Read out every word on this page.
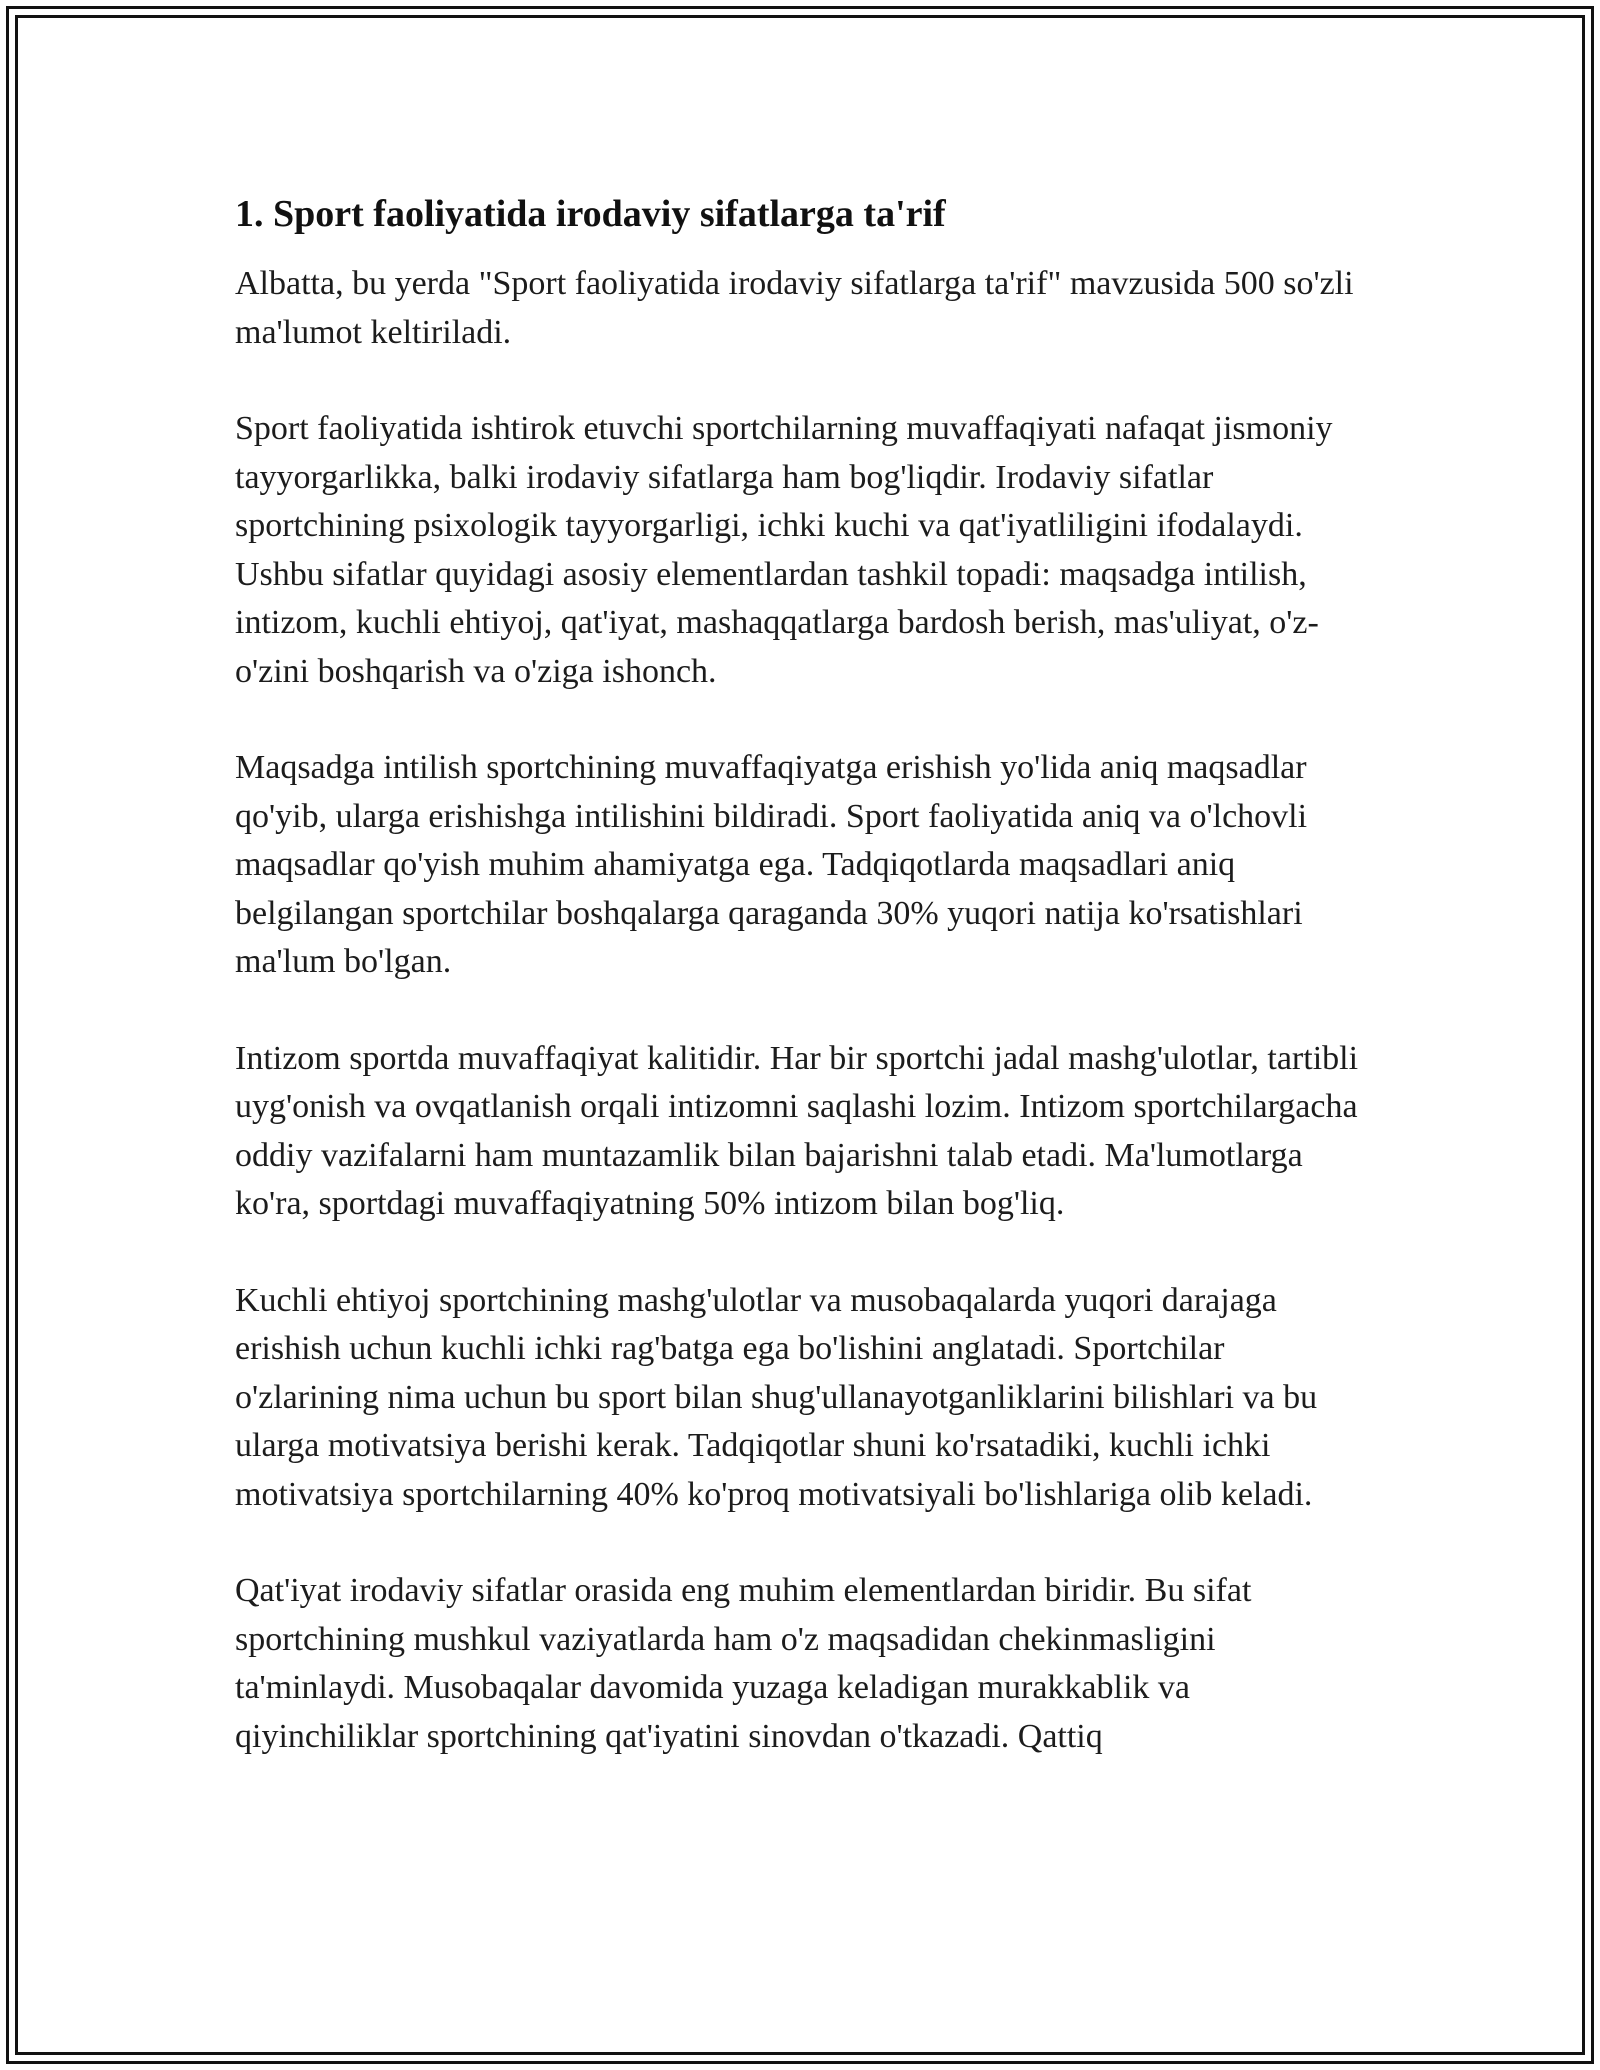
1. Sport faoliyatida irodaviy sifatlarga ta'rif

Albatta, bu yerda "Sport faoliyatida irodaviy sifatlarga ta'rif" mavzusida 500 so'zli ma'lumot keltiriladi.

Sport faoliyatida ishtirok etuvchi sportchilarning muvaffaqiyati nafaqat jismoniy tayyorgarlikka, balki irodaviy sifatlarga ham bog'liqdir. Irodaviy sifatlar sportchining psixologik tayyorgarligi, ichki kuchi va qat'iyatliligini ifodalaydi. Ushbu sifatlar quyidagi asosiy elementlardan tashkil topadi: maqsadga intilish, intizom, kuchli ehtiyoj, qat'iyat, mashaqqatlarga bardosh berish, mas'uliyat, o'z-o'zini boshqarish va o'ziga ishonch.

Maqsadga intilish sportchining muvaffaqiyatga erishish yo'lida aniq maqsadlar qo'yib, ularga erishishga intilishini bildiradi. Sport faoliyatida aniq va o'lchovli maqsadlar qo'yish muhim ahamiyatga ega. Tadqiqotlarda maqsadlari aniq belgilangan sportchilar boshqalarga qaraganda 30% yuqori natija ko'rsatishlari ma'lum bo'lgan.

Intizom sportda muvaffaqiyat kalitidir. Har bir sportchi jadal mashg'ulotlar, tartibli uyg'onish va ovqatlanish orqali intizomni saqlashi lozim. Intizom sportchilargacha oddiy vazifalarni ham muntazamlik bilan bajarishni talab etadi. Ma'lumotlarga ko'ra, sportdagi muvaffaqiyatning 50% intizom bilan bog'liq.

Kuchli ehtiyoj sportchining mashg'ulotlar va musobaqalarda yuqori darajaga erishish uchun kuchli ichki rag'batga ega bo'lishini anglatadi. Sportchilar o'zlarining nima uchun bu sport bilan shug'ullanayotganliklarini bilishlari va bu ularga motivatsiya berishi kerak. Tadqiqotlar shuni ko'rsatadiki, kuchli ichki motivatsiya sportchilarning 40% ko'proq motivatsiyali bo'lishlariga olib keladi.

Qat'iyat irodaviy sifatlar orasida eng muhim elementlardan biridir. Bu sifat sportchining mushkul vaziyatlarda ham o'z maqsadidan chekinmasligini ta'minlaydi. Musobaqalar davomida yuzaga keladigan murakkablik va qiyinchiliklar sportchining qat'iyatini sinovdan o'tkazadi. Qattiq
